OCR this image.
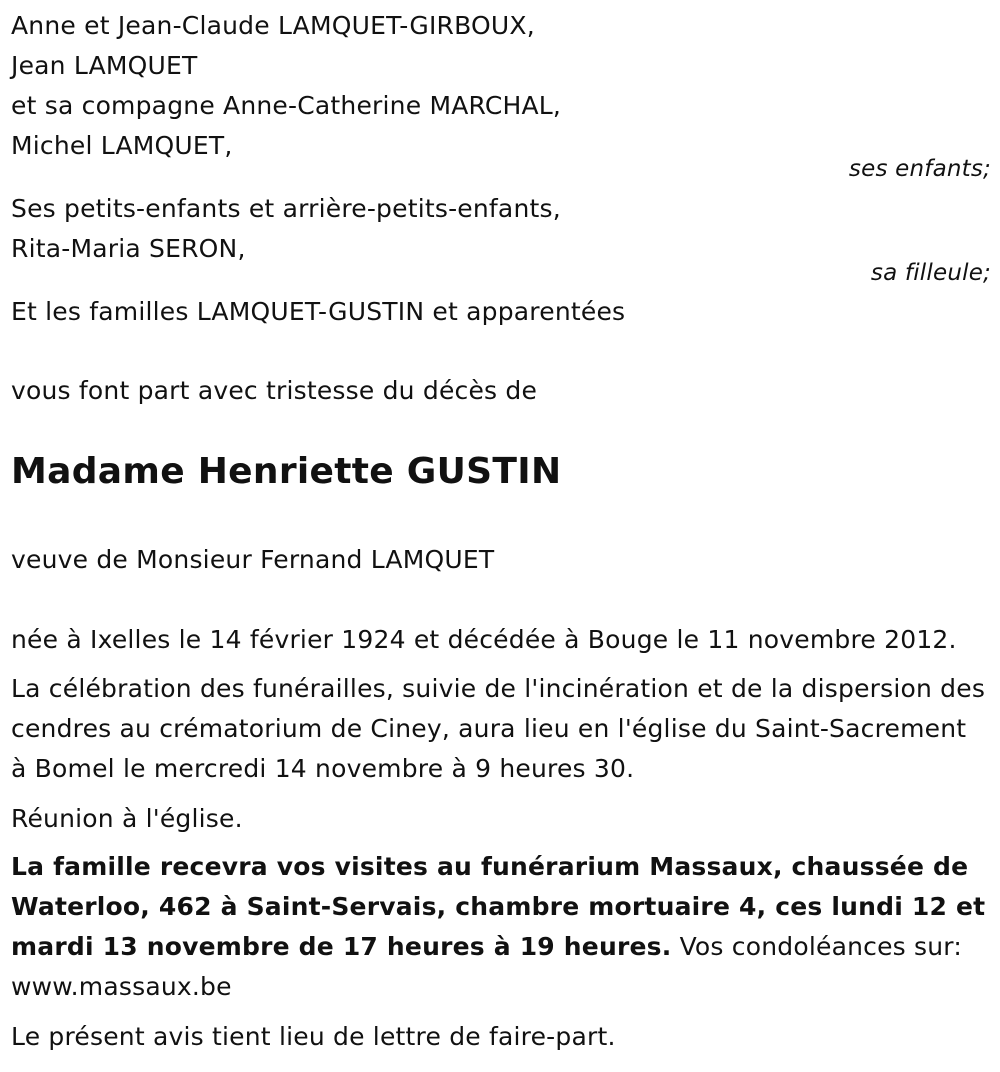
Anne et Jean-Claude LAMQUET-GIRBOUX,
Jean LAMQUET
et sa compagne Anne-Catherine MARCHAL,
Michel LAMQUET,
ses enfants;
Ses petits-enfants et arrière-petits-enfants,
Rita-Maria SERON,
sa filleule;
Et les familles LAMQUET-GUSTIN et apparentées
vous font part avec tristesse du décès de
Madame Henriette GUSTIN
veuve de Monsieur Fernand LAMQUET
née à Ixelles le 14 février 1924 et décédée à Bouge le 11 novembre 2012.
La célébration des funérailles, suivie de l'incinération et de la dispersion des cendres au crématorium de Ciney, aura lieu en l'église du Saint-Sacrement à Bomel le mercredi 14 novembre à 9 heures 30.
Réunion à l'église.
La famille recevra vos visites au funérarium Massaux, chaussée de Waterloo, 462 à Saint-Servais, chambre mortuaire 4, ces lundi 12 et mardi 13 novembre de 17 heures à 19 heures. Vos condoléances sur: www.massaux.be
Le présent avis tient lieu de lettre de faire-part.
